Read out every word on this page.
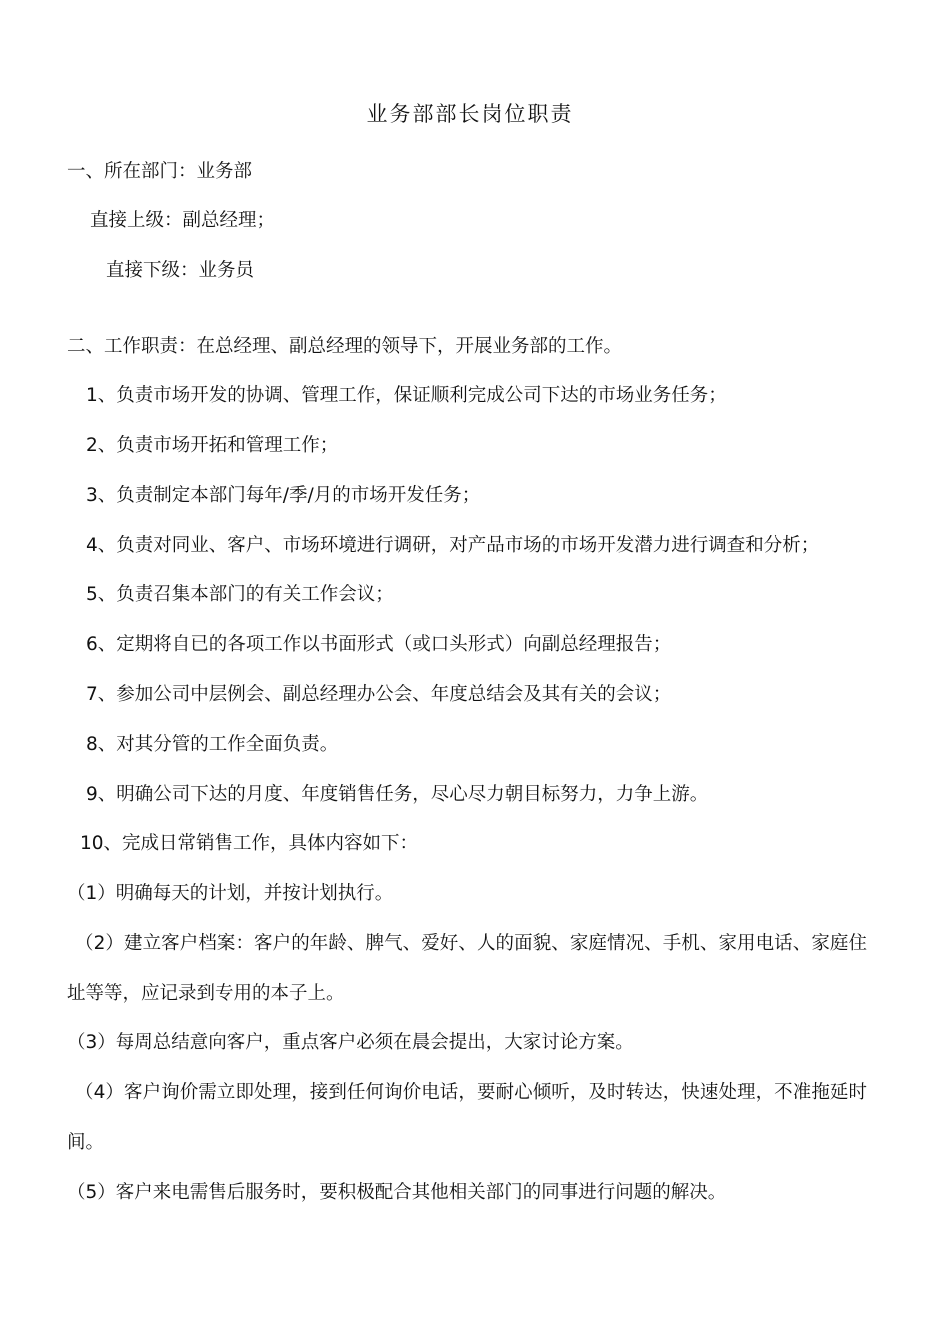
业务部部长岗位职责
一、所在部门：业务部
直接上级：副总经理；
直接下级：业务员
二、工作职责：在总经理、副总经理的领导下，开展业务部的工作。
1、负责市场开发的协调、管理工作，保证顺利完成公司下达的市场业务任务；
2、负责市场开拓和管理工作；
3、负责制定本部门每年/季/月的市场开发任务；
4、负责对同业、客户、市场环境进行调研，对产品市场的市场开发潜力进行调查和分析；
5、负责召集本部门的有关工作会议；
6、定期将自已的各项工作以书面形式（或口头形式）向副总经理报告；
7、参加公司中层例会、副总经理办公会、年度总结会及其有关的会议；
8、对其分管的工作全面负责。
9、明确公司下达的月度、年度销售任务，尽心尽力朝目标努力，力争上游。
10、完成日常销售工作，具体内容如下：
（1）明确每天的计划，并按计划执行。
（2）建立客户档案：客户的年龄、脾气、爱好、人的面貌、家庭情况、手机、家用电话、家庭住址等等，应记录到专用的本子上。
（3）每周总结意向客户，重点客户必须在晨会提出，大家讨论方案。
（4）客户询价需立即处理，接到任何询价电话，要耐心倾听，及时转达，快速处理，不准拖延时间。
（5）客户来电需售后服务时，要积极配合其他相关部门的同事进行问题的解决。
